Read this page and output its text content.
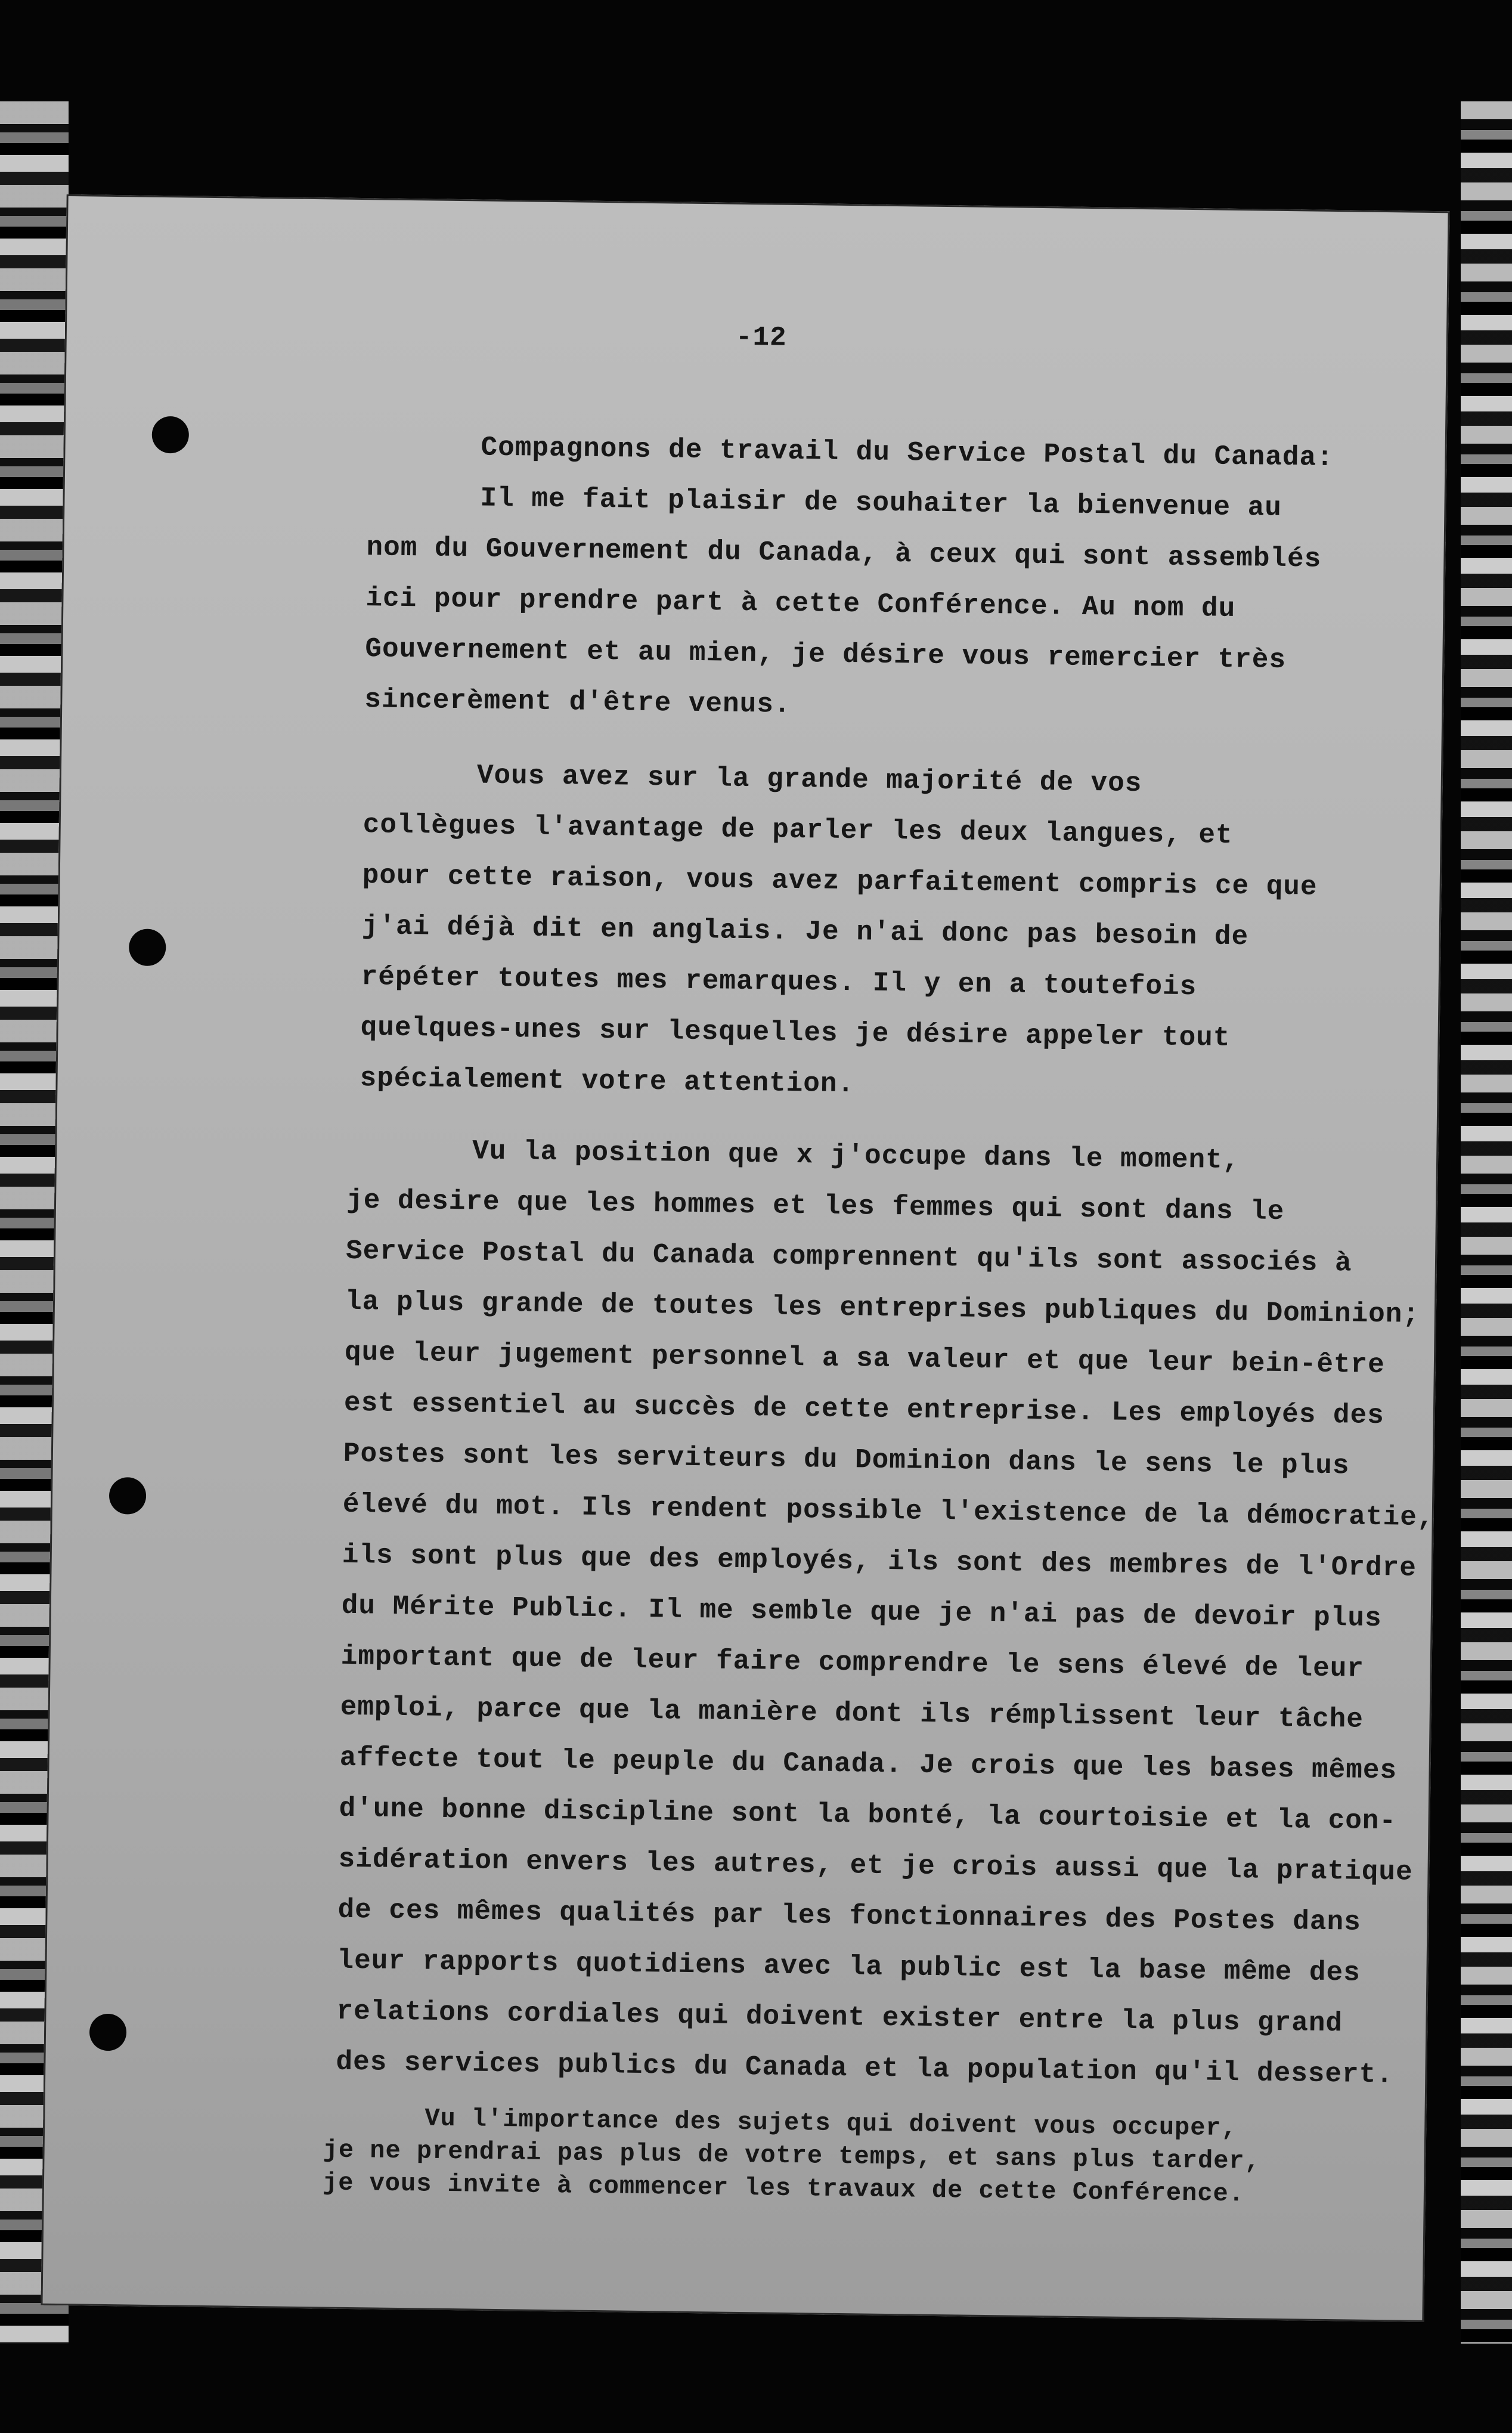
-12
Compagnons de travail du Service Postal du Canada:
Il me fait plaisir de souhaiter la bienvenue au
nom du Gouvernement du Canada, à ceux qui sont assemblés
ici pour prendre part à cette Conférence. Au nom du
Gouvernement et au mien, je désire vous remercier très
sincerèment d'être venus.
Vous avez sur la grande majorité de vos
collègues l'avantage de parler les deux langues, et
pour cette raison, vous avez parfaitement compris ce que
j'ai déjà dit en anglais. Je n'ai donc pas besoin de
répéter toutes mes remarques. Il y en a toutefois
quelques-unes sur lesquelles je désire appeler tout
spécialement votre attention.
Vu la position que x j'occupe dans le moment,
je desire que les hommes et les femmes qui sont dans le
Service Postal du Canada comprennent qu'ils sont associés à
la plus grande de toutes les entreprises publiques du Dominion;
que leur jugement personnel a sa valeur et que leur bein-être
est essentiel au succès de cette entreprise. Les employés des
Postes sont les serviteurs du Dominion dans le sens le plus
élevé du mot. Ils rendent possible l'existence de la démocratie,
ils sont plus que des employés, ils sont des membres de l'Ordre
du Mérite Public. Il me semble que je n'ai pas de devoir plus
important que de leur faire comprendre le sens élevé de leur
emploi, parce que la manière dont ils rémplissent leur tâche
affecte tout le peuple du Canada. Je crois que les bases mêmes
d'une bonne discipline sont la bonté, la courtoisie et la con-
sidération envers les autres, et je crois aussi que la pratique
de ces mêmes qualités par les fonctionnaires des Postes dans
leur rapports quotidiens avec la public est la base même des
relations cordiales qui doivent exister entre la plus grand
des services publics du Canada et la population qu'il dessert.
Vu l'importance des sujets qui doivent vous occuper,
je ne prendrai pas plus de votre temps, et sans plus tarder,
je vous invite à commencer les travaux de cette Conférence.
